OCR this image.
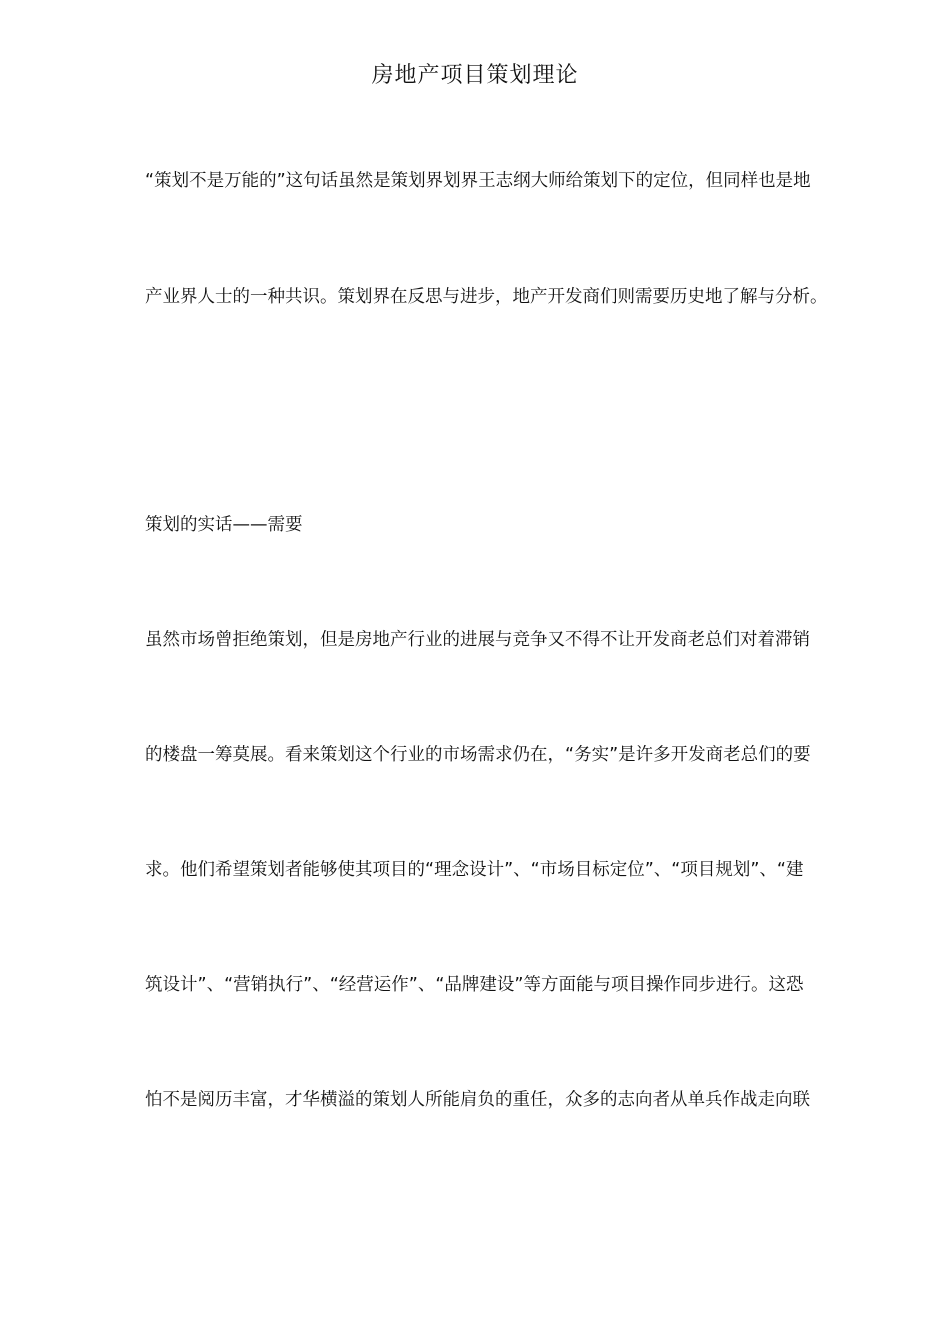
房地产项目策划理论

“策划不是万能的”这句话虽然是策划界划界王志纲大师给策划下的定位，但同样也是地

产业界人士的一种共识。策划界在反思与进步，地产开发商们则需要历史地了解与分析。

策划的实话——需要

虽然市场曾拒绝策划，但是房地产行业的进展与竞争又不得不让开发商老总们对着滞销

的楼盘一筹莫展。看来策划这个行业的市场需求仍在，“务实”是许多开发商老总们的要

求。他们希望策划者能够使其项目的“理念设计”、“市场目标定位”、“项目规划”、“建

筑设计”、“营销执行”、“经营运作”、“品牌建设”等方面能与项目操作同步进行。这恐

怕不是阅历丰富，才华横溢的策划人所能肩负的重任，众多的志向者从单兵作战走向联
